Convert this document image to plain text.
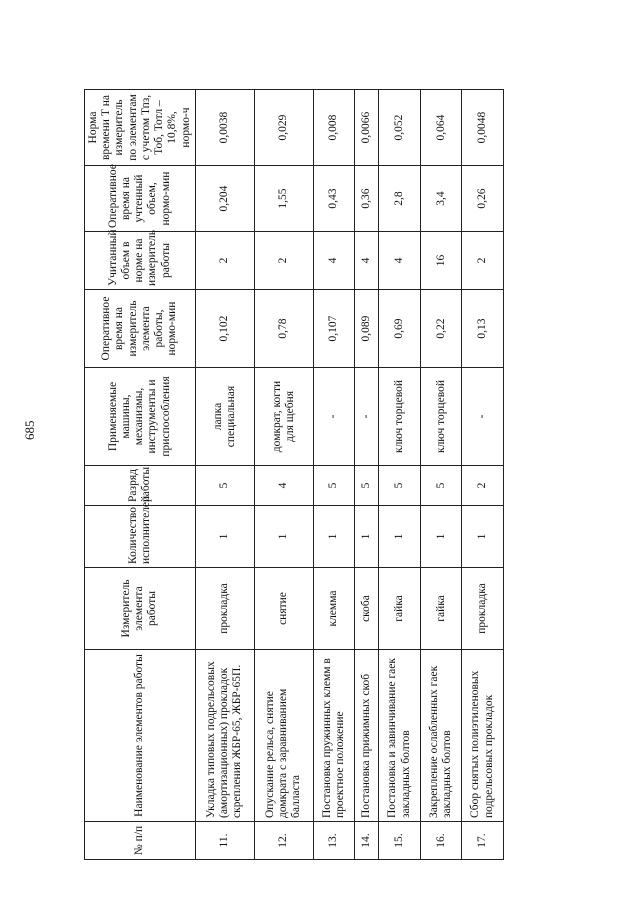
685
№ п/п	Наименование элементов работы	Измеритель элемента работы	Количество исполнителей	Разряд работы	Применяемые машины, механизмы, инструменты и приспособления	Оперативное время на измеритель элемента работы, нормо-мин	Учитанный объем в норме на измеритель работы	Оперативное время на учтенный объем, нормо-мин	Норма времени Т на измеритель по элементам с учетом Тпз, Тоб, Тотл – 10,8%, нормо-ч
11.	Укладка типовых подрельсовых (амортизационных) прокладок скрепления ЖБР-65, ЖБР-65П.	прокладка	1	5	лапка специальная	0,102	2	0,204	0,0038
12.	Опускание рельса, снятие домкрата с заравниванием балласта	снятие	1	4	домкрат, когти для щебня	0,78	2	1,55	0,029
13.	Постановка пружинных клемм в проектное положение	клемма	1	5	-	0,107	4	0,43	0,008
14.	Постановка прижимных скоб	скоба	1	5	-	0,089	4	0,36	0,0066
15.	Постановка и завинчивание гаек закладных болтов	гайка	1	5	ключ торцевой	0,69	4	2,8	0,052
16.	Закрепление ослабленных гаек закладных болтов	гайка	1	5	ключ торцевой	0,22	16	3,4	0,064
17.	Сбор снятых полиэтиленовых подрельсовых прокладок	прокладка	1	2	-	0,13	2	0,26	0,0048
